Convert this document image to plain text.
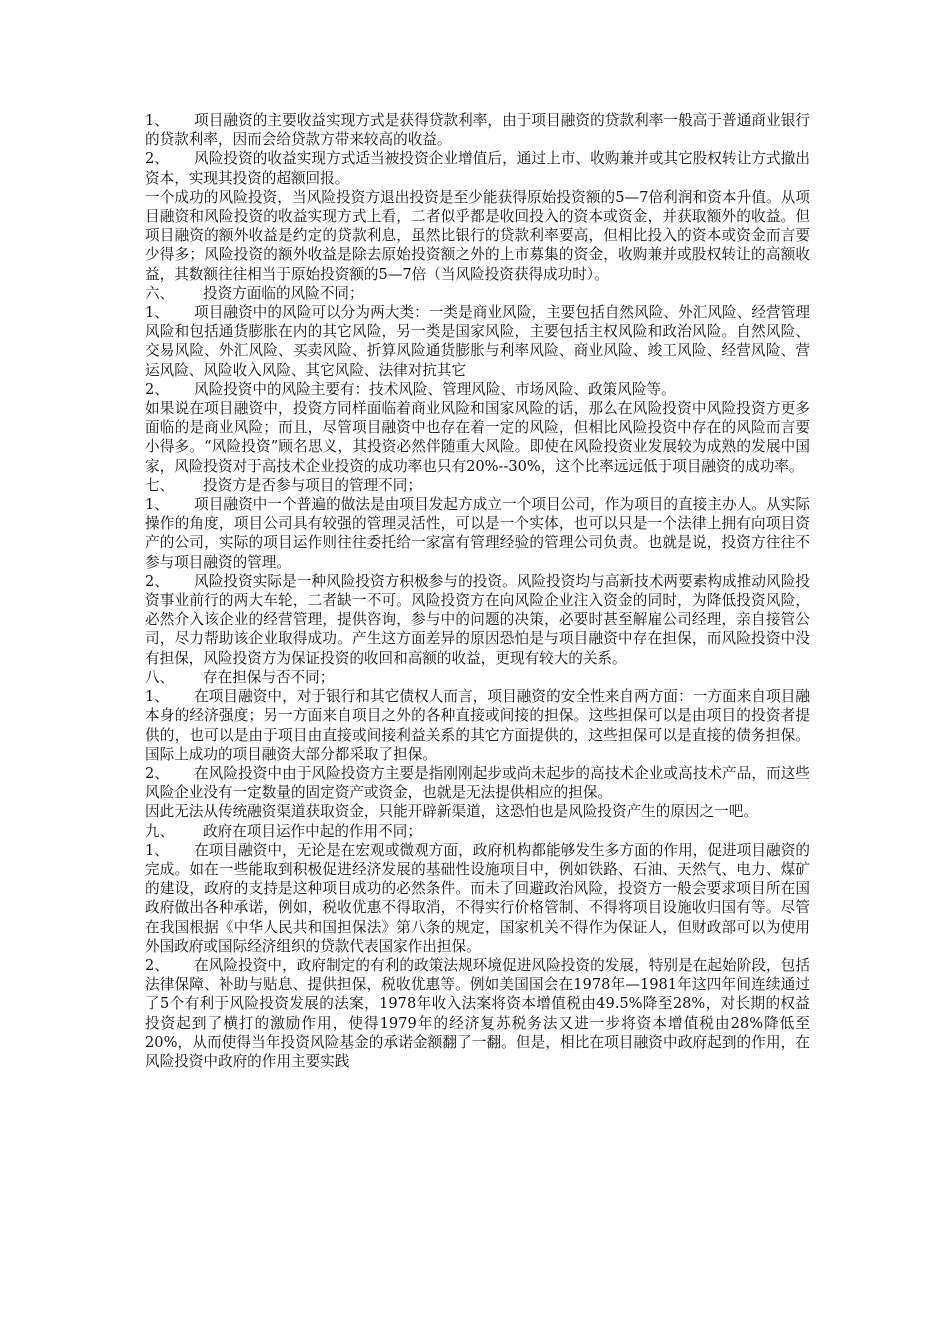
1、 项目融资的主要收益实现方式是获得贷款利率，由于项目融资的贷款利率一般高于普通商业银行的贷款利率，因而会给贷款方带来较高的收益。

2、 风险投资的收益实现方式适当被投资企业增值后，通过上市、收购兼并或其它股权转让方式撤出资本，实现其投资的超额回报。

一个成功的风险投资，当风险投资方退出投资是至少能获得原始投资额的5—7倍利润和资本升值。从项目融资和风险投资的收益实现方式上看，二者似乎都是收回投入的资本或资金，并获取额外的收益。但项目融资的额外收益是约定的贷款利息，虽然比银行的贷款利率要高，但相比投入的资本或资金而言要少得多；风险投资的额外收益是除去原始投资额之外的上市募集的资金，收购兼并或股权转让的高额收益，其数额往往相当于原始投资额的5—7倍（当风险投资获得成功时）。

六、 投资方面临的风险不同；

1、 项目融资中的风险可以分为两大类：一类是商业风险，主要包括自然风险、外汇风险、经营管理风险和包括通货膨胀在内的其它风险，另一类是国家风险，主要包括主权风险和政治风险。自然风险、交易风险、外汇风险、买卖风险、折算风险通货膨胀与利率风险、商业风险、竣工风险、经营风险、营运风险、风险收入风险、其它风险、法律对抗其它

2、 风险投资中的风险主要有：技术风险、管理风险、市场风险、政策风险等。

如果说在项目融资中，投资方同样面临着商业风险和国家风险的话，那么在风险投资中风险投资方更多面临的是商业风险；而且，尽管项目融资中也存在着一定的风险，但相比风险投资中存在的风险而言要小得多。“风险投资”顾名思义，其投资必然伴随重大风险。即使在风险投资业发展较为成熟的发展中国家，风险投资对于高技术企业投资的成功率也只有20%--30%，这个比率远远低于项目融资的成功率。

七、 投资方是否参与项目的管理不同；

1、 项目融资中一个普遍的做法是由项目发起方成立一个项目公司，作为项目的直接主办人。从实际操作的角度，项目公司具有较强的管理灵活性，可以是一个实体，也可以只是一个法律上拥有向项目资产的公司，实际的项目运作则往往委托给一家富有管理经验的管理公司负责。也就是说，投资方往往不参与项目融资的管理。

2、 风险投资实际是一种风险投资方积极参与的投资。风险投资均与高新技术两要素构成推动风险投资事业前行的两大车轮，二者缺一不可。风险投资方在向风险企业注入资金的同时，为降低投资风险，必然介入该企业的经营管理，提供咨询，参与中的问题的决策，必要时甚至解雇公司经理，亲自接管公司，尽力帮助该企业取得成功。产生这方面差异的原因恐怕是与项目融资中存在担保，而风险投资中没有担保，风险投资方为保证投资的收回和高额的收益，更现有较大的关系。

八、 存在担保与否不同；

1、 在项目融资中，对于银行和其它债权人而言，项目融资的安全性来自两方面：一方面来自项目融本身的经济强度；另一方面来自项目之外的各种直接或间接的担保。这些担保可以是由项目的投资者提供的，也可以是由于项目由直接或间接利益关系的其它方面提供的，这些担保可以是直接的债务担保。国际上成功的项目融资大部分都采取了担保。

2、 在风险投资中由于风险投资方主要是指刚刚起步或尚未起步的高技术企业或高技术产品，而这些风险企业没有一定数量的固定资产或资金，也就是无法提供相应的担保。

因此无法从传统融资渠道获取资金，只能开辟新渠道，这恐怕也是风险投资产生的原因之一吧。

九、 政府在项目运作中起的作用不同；

1、 在项目融资中，无论是在宏观或微观方面，政府机构都能够发生多方面的作用，促进项目融资的完成。如在一些能取到积极促进经济发展的基础性设施项目中，例如铁路、石油、天然气、电力、煤矿的建设，政府的支持是这种项目成功的必然条件。而未了回避政治风险，投资方一般会要求项目所在国政府做出各种承诺，例如，税收优惠不得取消，不得实行价格管制、不得将项目设施收归国有等。尽管在我国根据《中华人民共和国担保法》第八条的规定，国家机关不得作为保证人，但财政部可以为使用外国政府或国际经济组织的贷款代表国家作出担保。

2、 在风险投资中，政府制定的有利的政策法规环境促进风险投资的发展，特别是在起始阶段，包括法律保障、补助与贴息、提供担保，税收优惠等。例如美国国会在1978年—1981年这四年间连续通过了5个有利于风险投资发展的法案，1978年收入法案将资本增值税由49.5%降至28%，对长期的权益投资起到了横打的激励作用，使得1979年的经济复苏税务法又进一步将资本增值税由28%降低至20%，从而使得当年投资风险基金的承诺金额翻了一翻。但是，相比在项目融资中政府起到的作用，在风险投资中政府的作用主要实践
